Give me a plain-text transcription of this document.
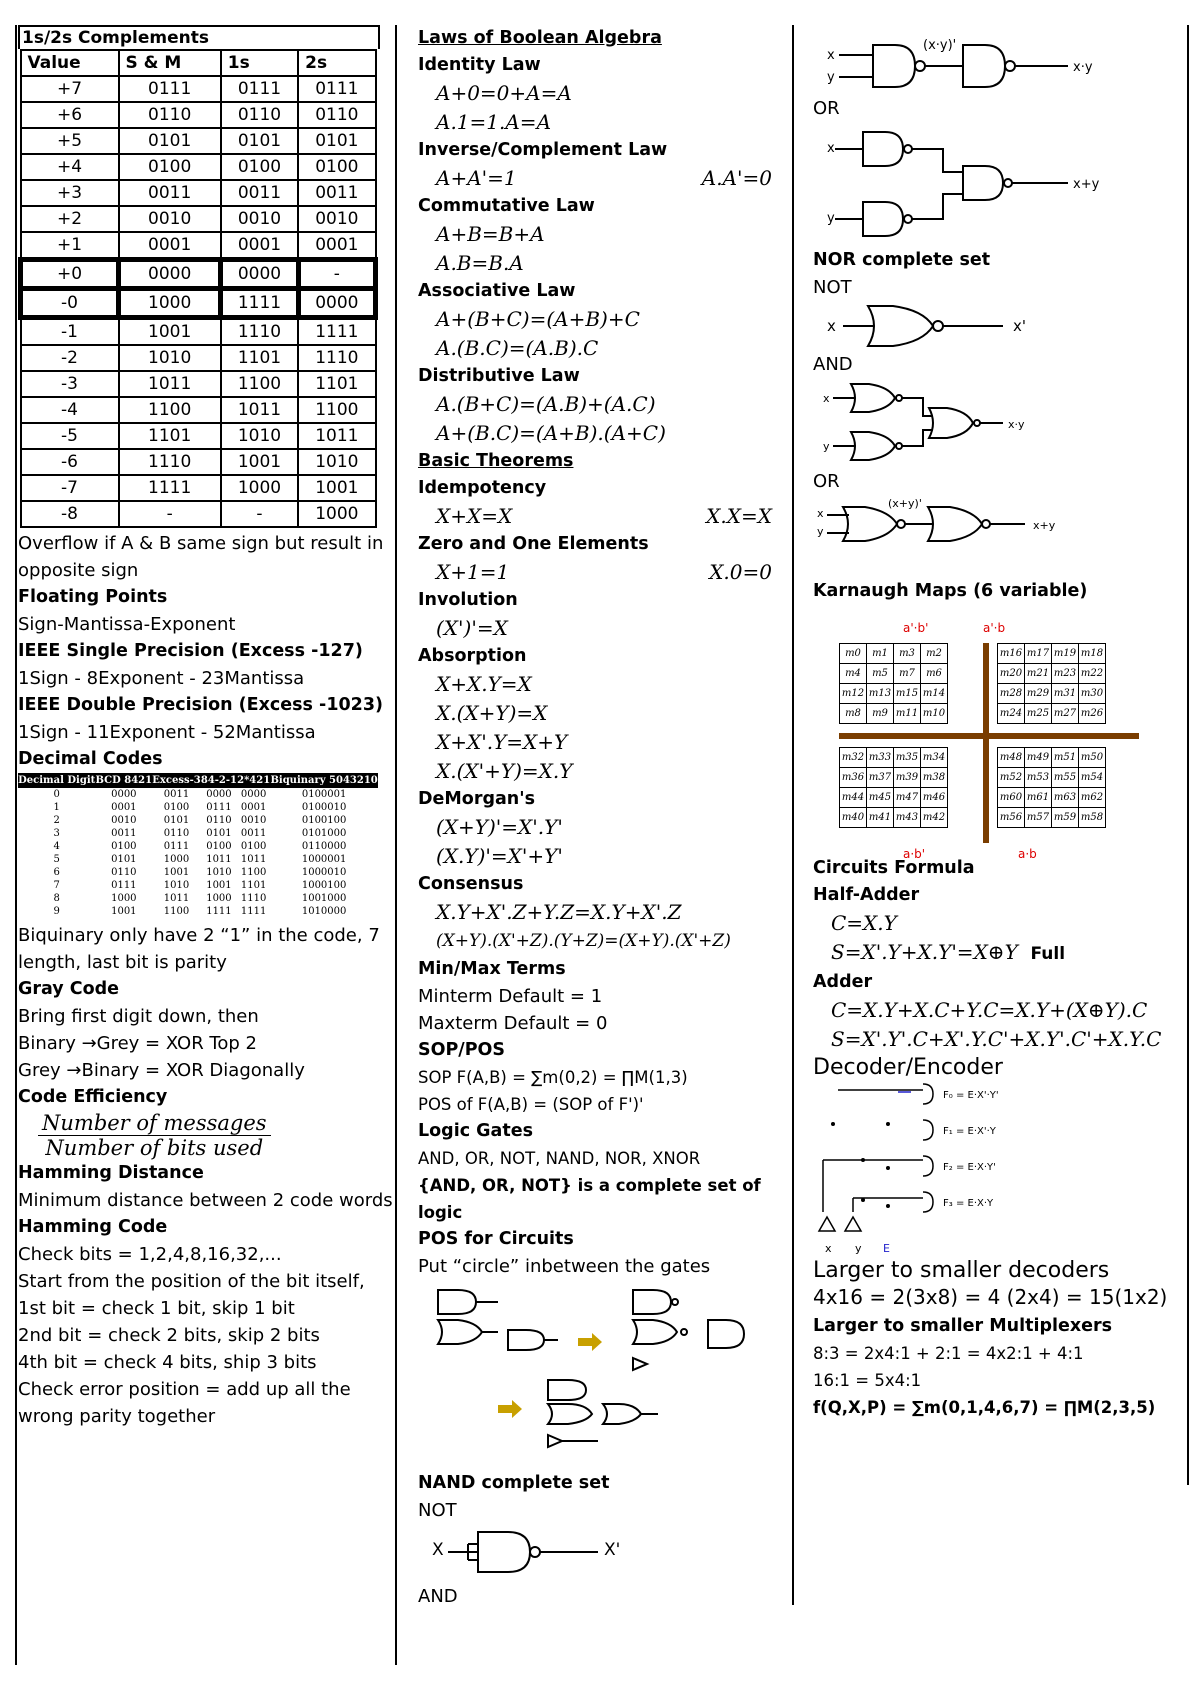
1s/2s Complements
Value	S & M	1s	2s
+7	0111	0111	0111
+6	0110	0110	0110
+5	0101	0101	0101
+4	0100	0100	0100
+3	0011	0011	0011
+2	0010	0010	0010
+1	0001	0001	0001
+0	0000	0000	-
-0	1000	1111	0000
-1	1001	1110	1111
-2	1010	1101	1110
-3	1011	1100	1101
-4	1100	1011	1100
-5	1101	1010	1011
-6	1110	1001	1010
-7	1111	1000	1001
-8	-	-	1000
Overflow if A & B same sign but result in opposite sign
Floating Points
Sign-Mantissa-Exponent
IEEE Single Precision (Excess -127)
1Sign - 8Exponent - 23Mantissa
IEEE Double Precision (Excess -1023)
1Sign - 11Exponent - 52Mantissa
Decimal Codes
Decimal Digit	BCD 8421	Excess-3	84-2-1	2*421	Biquinary 5043210
0	0000	0011	0000	0000	0100001
1	0001	0100	0111	0001	0100010
2	0010	0101	0110	0010	0100100
3	0011	0110	0101	0011	0101000
4	0100	0111	0100	0100	0110000
5	0101	1000	1011	1011	1000001
6	0110	1001	1010	1100	1000010
7	0111	1010	1001	1101	1000100
8	1000	1011	1000	1110	1001000
9	1001	1100	1111	1111	1010000
Biquinary only have 2 “1” in the code, 7 length, last bit is parity
Gray Code
Bring first digit down, then
Binary →Grey = XOR Top 2
Grey →Binary = XOR Diagonally
Code Efficiency
$\frac{\text{Number of messages}}{\text{Number of bits used}}$
Hamming Distance
Minimum distance between 2 code words
Hamming Code
Check bits = 1,2,4,8,16,32,...
Start from the position of the bit itself,
1st bit = check 1 bit, skip 1 bit
2nd bit = check 2 bits, skip 2 bits
4th bit = check 4 bits, ship 3 bits
Check error position = add up all the wrong parity together
Laws of Boolean Algebra
Identity Law
A+0=0+A=A
A.1=1.A=A
Inverse/Complement Law
A+A'=1	A.A'=0
Commutative Law
A+B=B+A
A.B=B.A
Associative Law
A+(B+C)=(A+B)+C
A.(B.C)=(A.B).C
Distributive Law
A.(B+C)=(A.B)+(A.C)
A+(B.C)=(A+B).(A+C)
Basic Theorems
Idempotency
X+X=X	X.X=X
Zero and One Elements
X+1=1	X.0=0
Involution
(X')'=X
Absorption
X+X.Y=X
X.(X+Y)=X
X+X'.Y=X+Y
X.(X'+Y)=X.Y
DeMorgan's
(X+Y)'=X'.Y'
(X.Y)'=X'+Y'
Consensus
X.Y+X'.Z+Y.Z=X.Y+X'.Z
(X+Y).(X'+Z).(Y+Z)=(X+Y).(X'+Z)
Min/Max Terms
Minterm Default = 1
Maxterm Default = 0
SOP/POS
SOP F(A,B) = ∑m(0,2) = ∏M(1,3)
POS of F(A,B) = (SOP of F')'
Logic Gates
AND, OR, NOT, NAND, NOR, XNOR
{AND, OR, NOT} is a complete set of logic
POS for Circuits
Put “circle” inbetween the gates
NAND complete set
NOT
X	X'
AND
x
y
(x·y)'
x·y
OR
x
y
x+y
NOR complete set
NOT
x	x'
AND
x
y
x·y
OR
x
y
(x+y)'
x+y
Karnaugh Maps (6 variable)
a'·b
a'·b'
a·b'	a·b
m0	m1	m3	m2
m4	m5	m7	m6
m12	m13	m15	m14
m8	m9	m11	m10
m16	m17	m19	m18
m20	m21	m23	m22
m28	m29	m31	m30
m24	m25	m27	m26
m32	m33	m35	m34
m36	m37	m39	m38
m44	m45	m47	m46
m40	m41	m43	m42
m48	m49	m51	m50
m52	m53	m55	m54
m60	m61	m63	m62
m56	m57	m59	m58
Circuits Formula
Half-Adder
C=X.Y
S=X'.Y+X.Y'=X⊕Y Full
Adder
C=X.Y+X.C+Y.C=X.Y+(X⊕Y).C
S=X'.Y'.C+X'.Y.C'+X.Y'.C'+X.Y.C
Decoder/Encoder
F₀ = E·X'·Y'
F₁ = E·X'·Y
F₂ = E·X·Y'
F₃ = E·X·Y
x y E
Larger to smaller decoders
4x16 = 2(3x8) = 4 (2x4) = 15(1x2)
Larger to smaller Multiplexers
8:3 = 2x4:1 + 2:1 = 4x2:1 + 4:1
16:1 = 5x4:1
f(Q,X,P) = ∑m(0,1,4,6,7) = ∏M(2,3,5)
